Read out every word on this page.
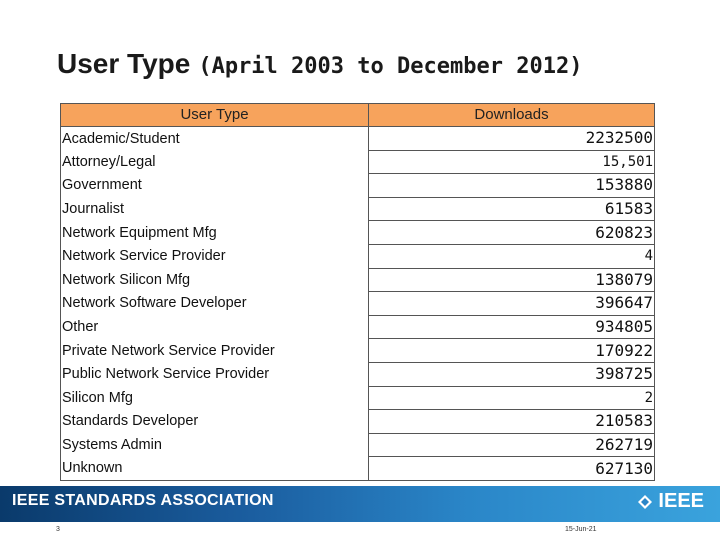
User Type (April 2003 to December 2012)
User Type	Downloads
Academic/Student	2232500
Attorney/Legal	15,501
Government	153880
Journalist	61583
Network Equipment Mfg	620823
Network Service Provider	4
Network Silicon Mfg	138079
Network Software Developer	396647
Other	934805
Private Network Service Provider	170922
Public Network Service Provider	398725
Silicon Mfg	2
Standards Developer	210583
Systems Admin	262719
Unknown	627130
IEEE STANDARDS ASSOCIATION	IEEE
3	15-Jun-21
